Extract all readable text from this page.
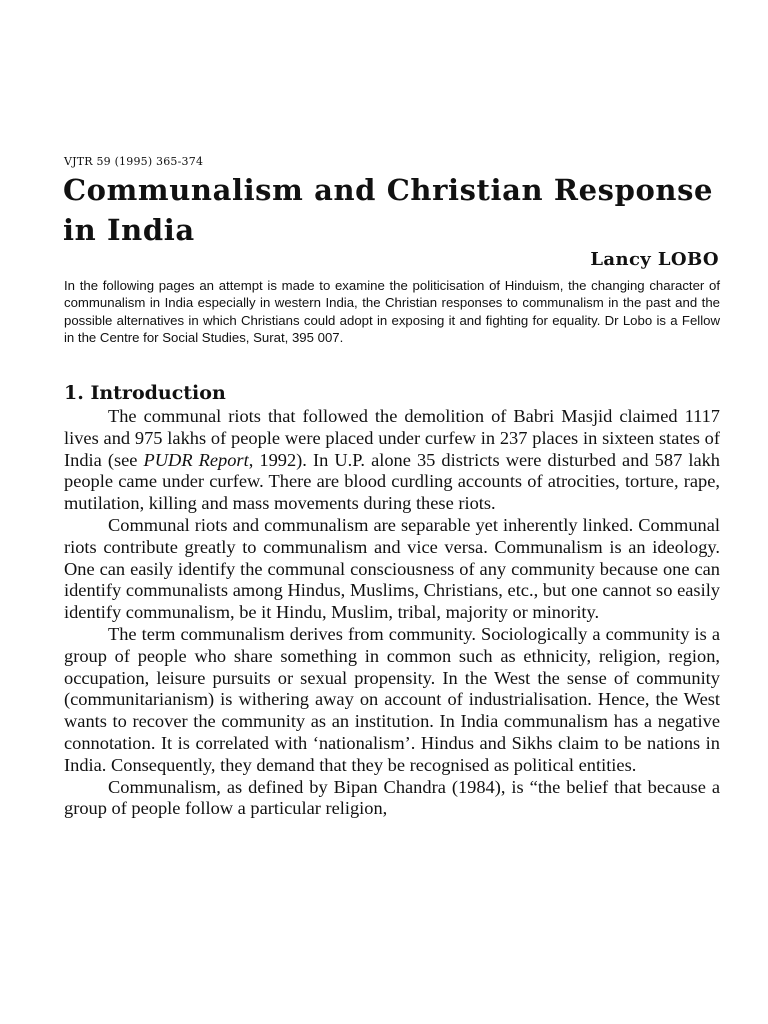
VJTR 59 (1995) 365-374
Communalism and Christian Response in India
Lancy LOBO

In the following pages an attempt is made to examine the politicisation of Hinduism, the changing character of communalism in India especially in western India, the Christian responses to communalism in the past and the possible alternatives in which Christians could adopt in exposing it and fighting for equality. Dr Lobo is a Fellow in the Centre for Social Studies, Surat, 395 007.

1. Introduction

The communal riots that followed the demolition of Babri Masjid claimed 1117 lives and 975 lakhs of people were placed under curfew in 237 places in sixteen states of India (see PUDR Report, 1992). In U.P. alone 35 districts were disturbed and 587 lakh people came under curfew. There are blood curdling accounts of atrocities, torture, rape, mutilation, killing and mass movements during these riots.

Communal riots and communalism are separable yet inherently linked. Communal riots contribute greatly to communalism and vice versa. Communalism is an ideology. One can easily identify the communal consciousness of any community because one can identify communalists among Hindus, Muslims, Christians, etc., but one cannot so easily identify communalism, be it Hindu, Muslim, tribal, majority or minority.

The term communalism derives from community. Sociologically a community is a group of people who share something in common such as ethnicity, religion, region, occupation, leisure pursuits or sexual propensity. In the West the sense of community (communitarianism) is withering away on account of industrialisation. Hence, the West wants to recover the community as an institution. In India communalism has a negative connotation. It is correlated with ‘nationalism’. Hindus and Sikhs claim to be nations in India. Consequently, they demand that they be recognised as political entities.

Communalism, as defined by Bipan Chandra (1984), is “the belief that because a group of people follow a particular religion,
